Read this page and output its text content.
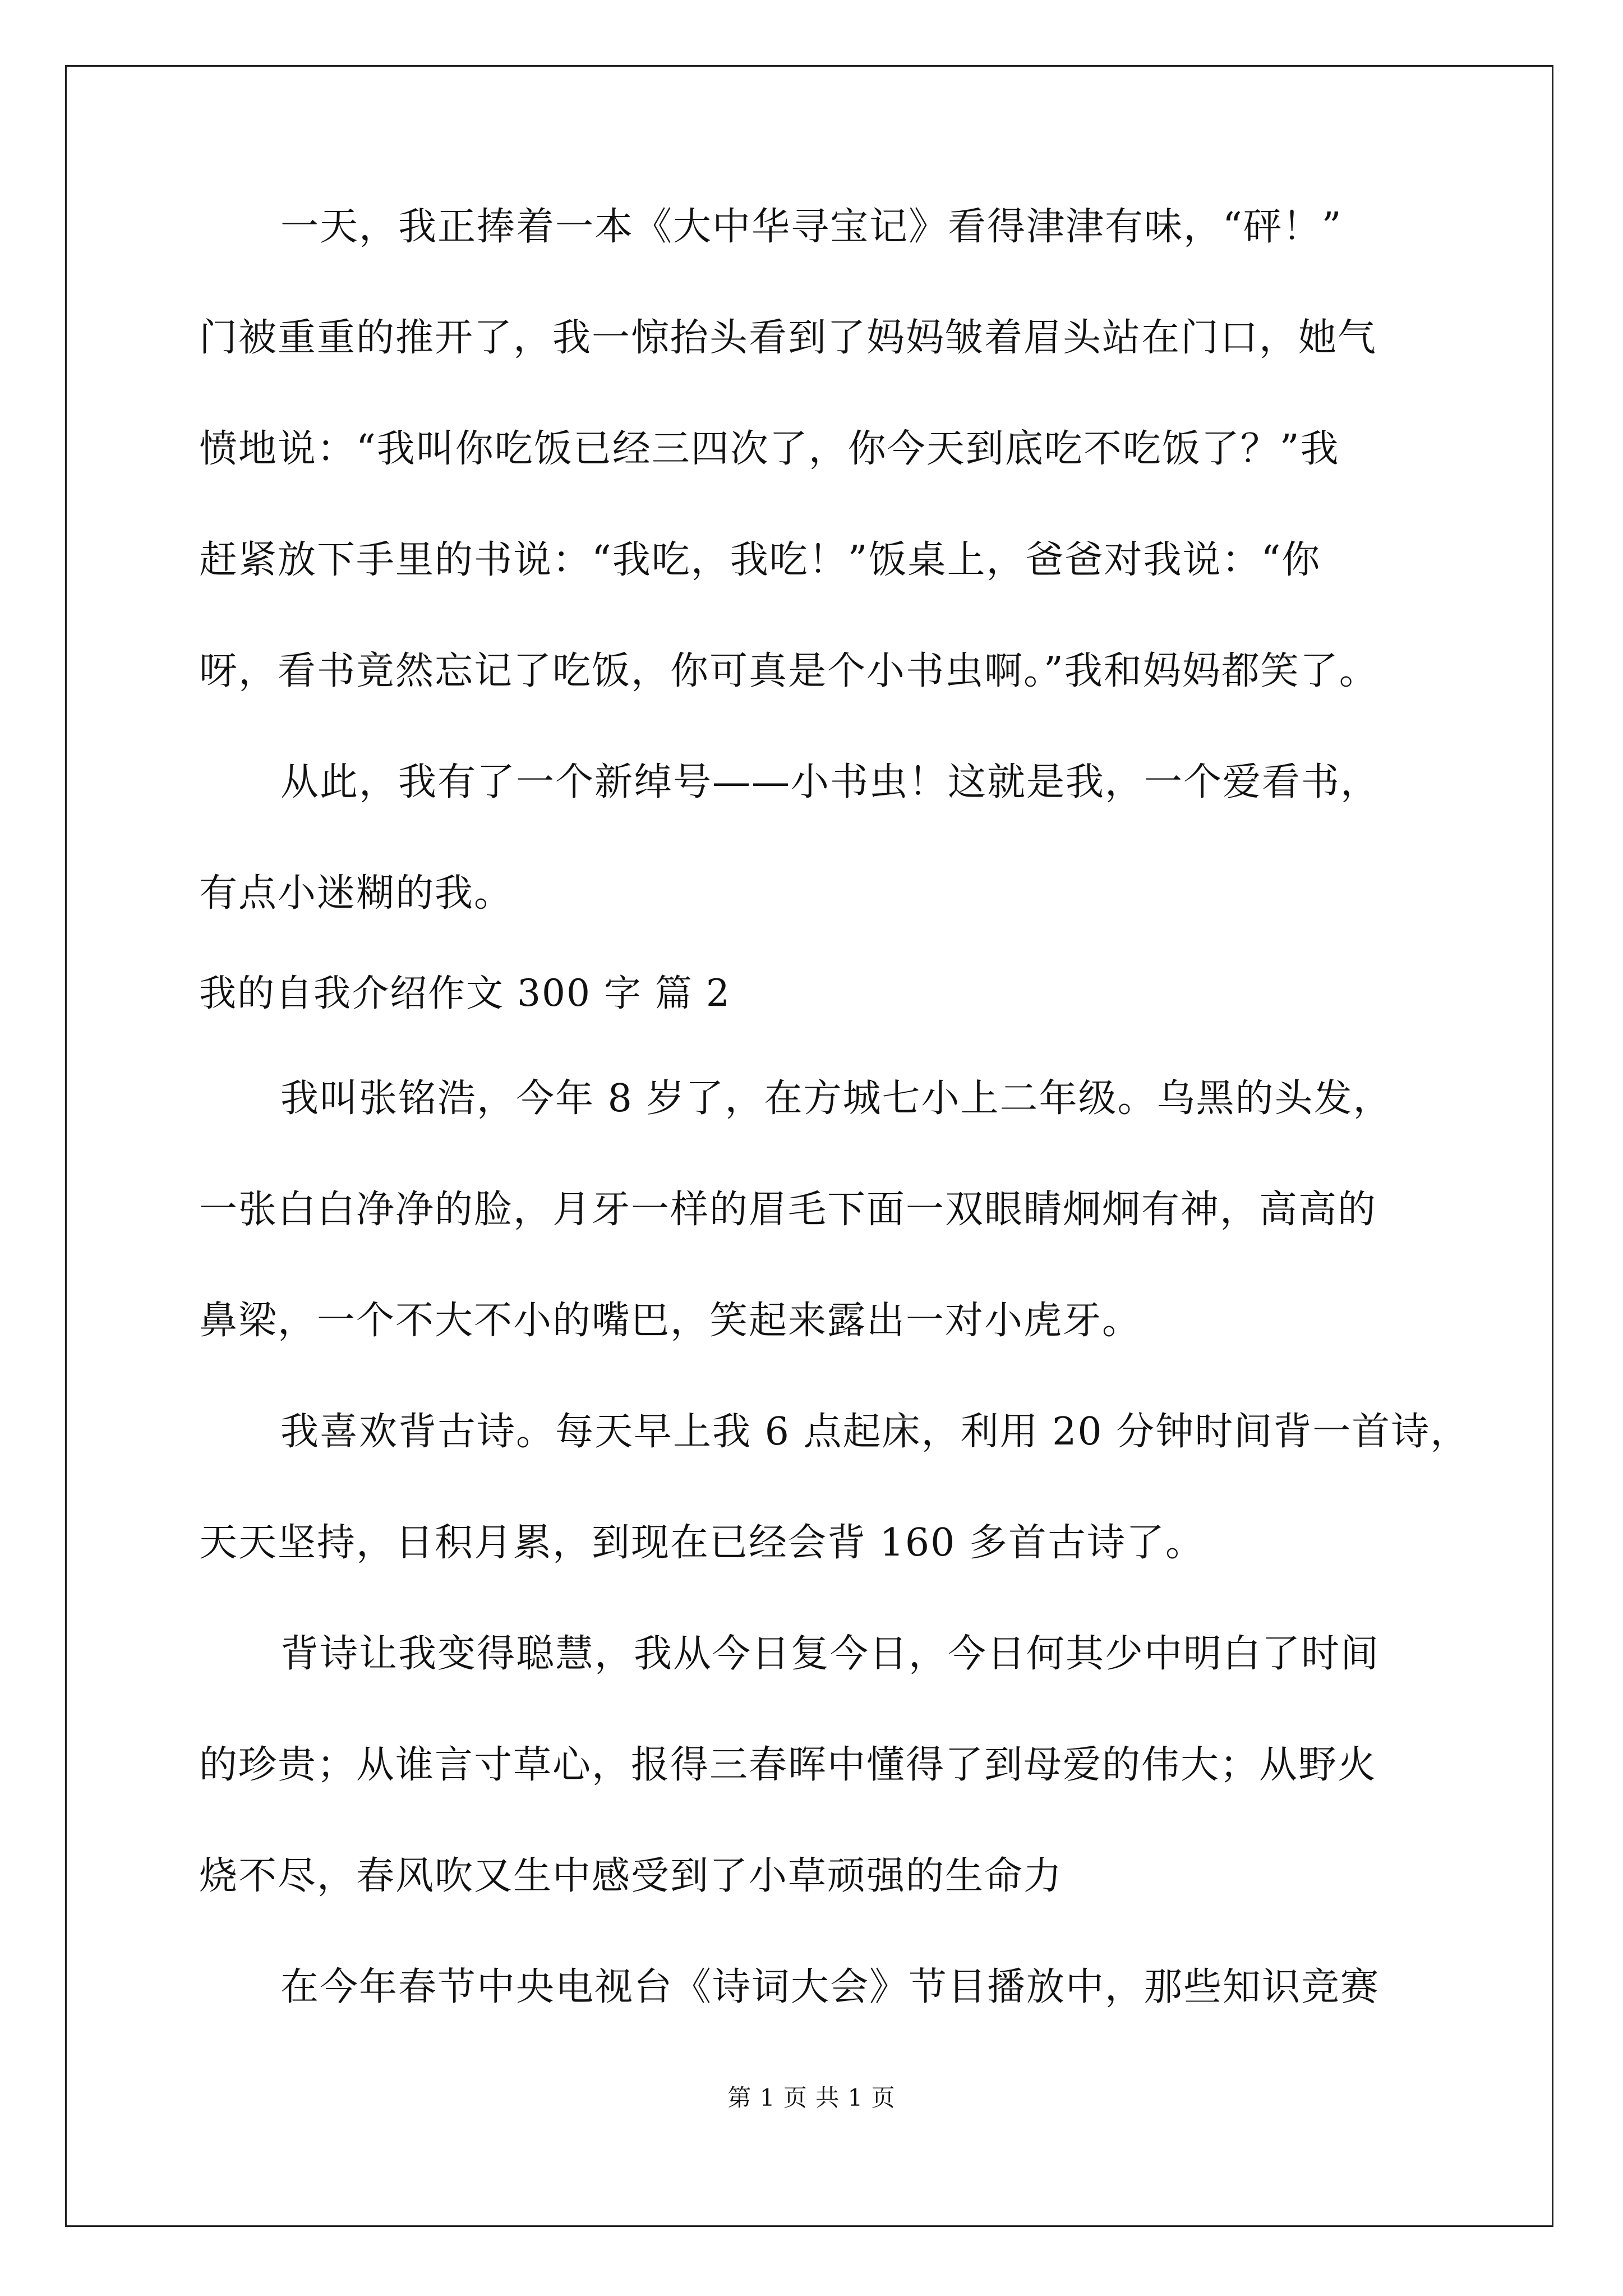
一天，我正捧着一本《大中华寻宝记》看得津津有味，“砰！”
门被重重的推开了，我一惊抬头看到了妈妈皱着眉头站在门口，她气
愤地说：“我叫你吃饭已经三四次了，你今天到底吃不吃饭了？”我
赶紧放下手里的书说：“我吃，我吃！”饭桌上，爸爸对我说：“你
呀，看书竟然忘记了吃饭，你可真是个小书虫啊。”我和妈妈都笑了。
从此，我有了一个新绰号——小书虫！这就是我，一个爱看书，
有点小迷糊的我。
我的自我介绍作文 300 字 篇 2
我叫张铭浩，今年 8 岁了，在方城七小上二年级。乌黑的头发，
一张白白净净的脸，月牙一样的眉毛下面一双眼睛炯炯有神，高高的
鼻梁，一个不大不小的嘴巴，笑起来露出一对小虎牙。
我喜欢背古诗。每天早上我 6 点起床，利用 20 分钟时间背一首诗，
天天坚持，日积月累，到现在已经会背 160 多首古诗了。
背诗让我变得聪慧，我从今日复今日，今日何其少中明白了时间
的珍贵；从谁言寸草心，报得三春晖中懂得了到母爱的伟大；从野火
烧不尽，春风吹又生中感受到了小草顽强的生命力
在今年春节中央电视台《诗词大会》节目播放中，那些知识竞赛
第 1 页 共 1 页
